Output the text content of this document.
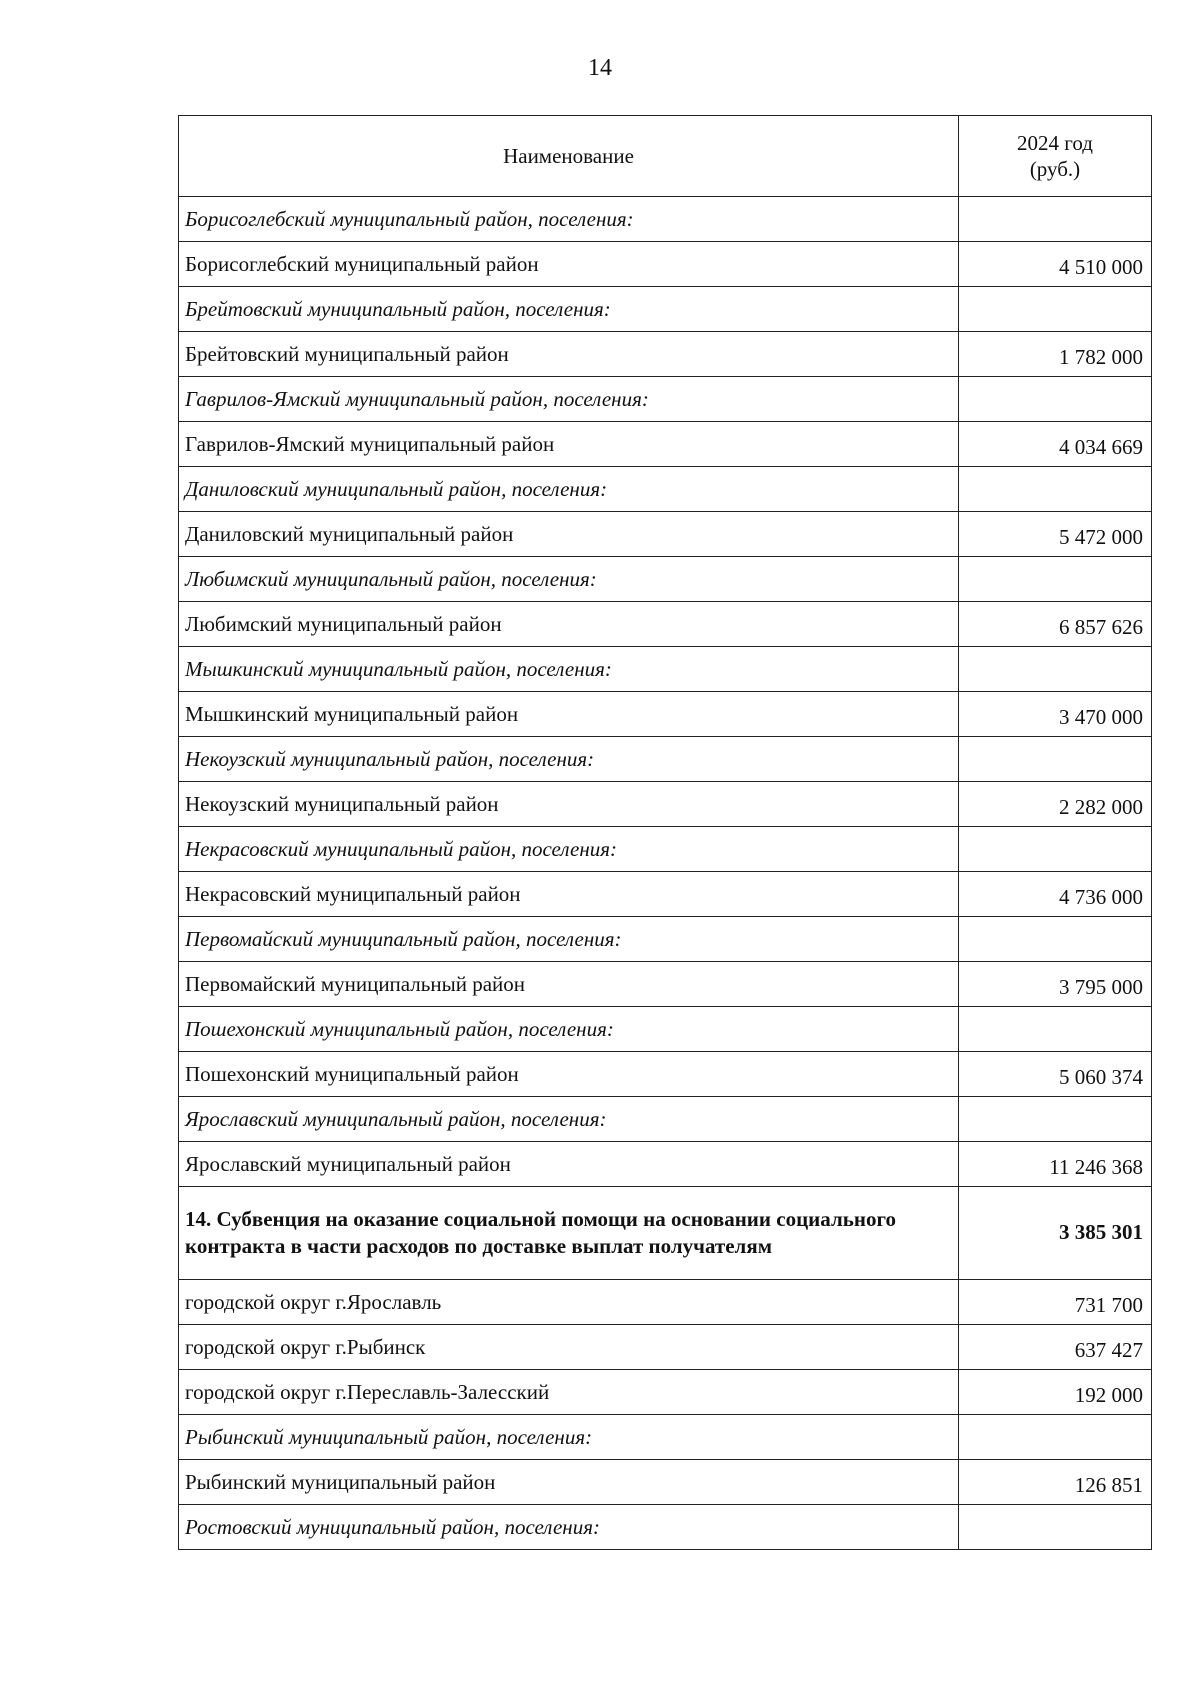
14
Наименование	2024 год
(руб.)
Борисоглебский муниципальный район, поселения:	
Борисоглебский муниципальный район	4 510 000
Брейтовский муниципальный район, поселения:	
Брейтовский муниципальный район	1 782 000
Гаврилов-Ямский муниципальный район, поселения:	
Гаврилов-Ямский муниципальный район	4 034 669
Даниловский муниципальный район, поселения:	
Даниловский муниципальный район	5 472 000
Любимский муниципальный район, поселения:	
Любимский муниципальный район	6 857 626
Мышкинский муниципальный район, поселения:	
Мышкинский муниципальный район	3 470 000
Некоузский муниципальный район, поселения:	
Некоузский муниципальный район	2 282 000
Некрасовский муниципальный район, поселения:	
Некрасовский муниципальный район	4 736 000
Первомайский муниципальный район, поселения:	
Первомайский муниципальный район	3 795 000
Пошехонский муниципальный район, поселения:	
Пошехонский муниципальный район	5 060 374
Ярославский муниципальный район, поселения:	
Ярославский муниципальный район	11 246 368
14. Субвенция на оказание социальной помощи на основании социального контракта в части расходов по доставке выплат получателям	3 385 301
городской округ г.Ярославль	731 700
городской округ г.Рыбинск	637 427
городской округ г.Переславль-Залесский	192 000
Рыбинский муниципальный район, поселения:	
Рыбинский муниципальный район	126 851
Ростовский муниципальный район, поселения:	
